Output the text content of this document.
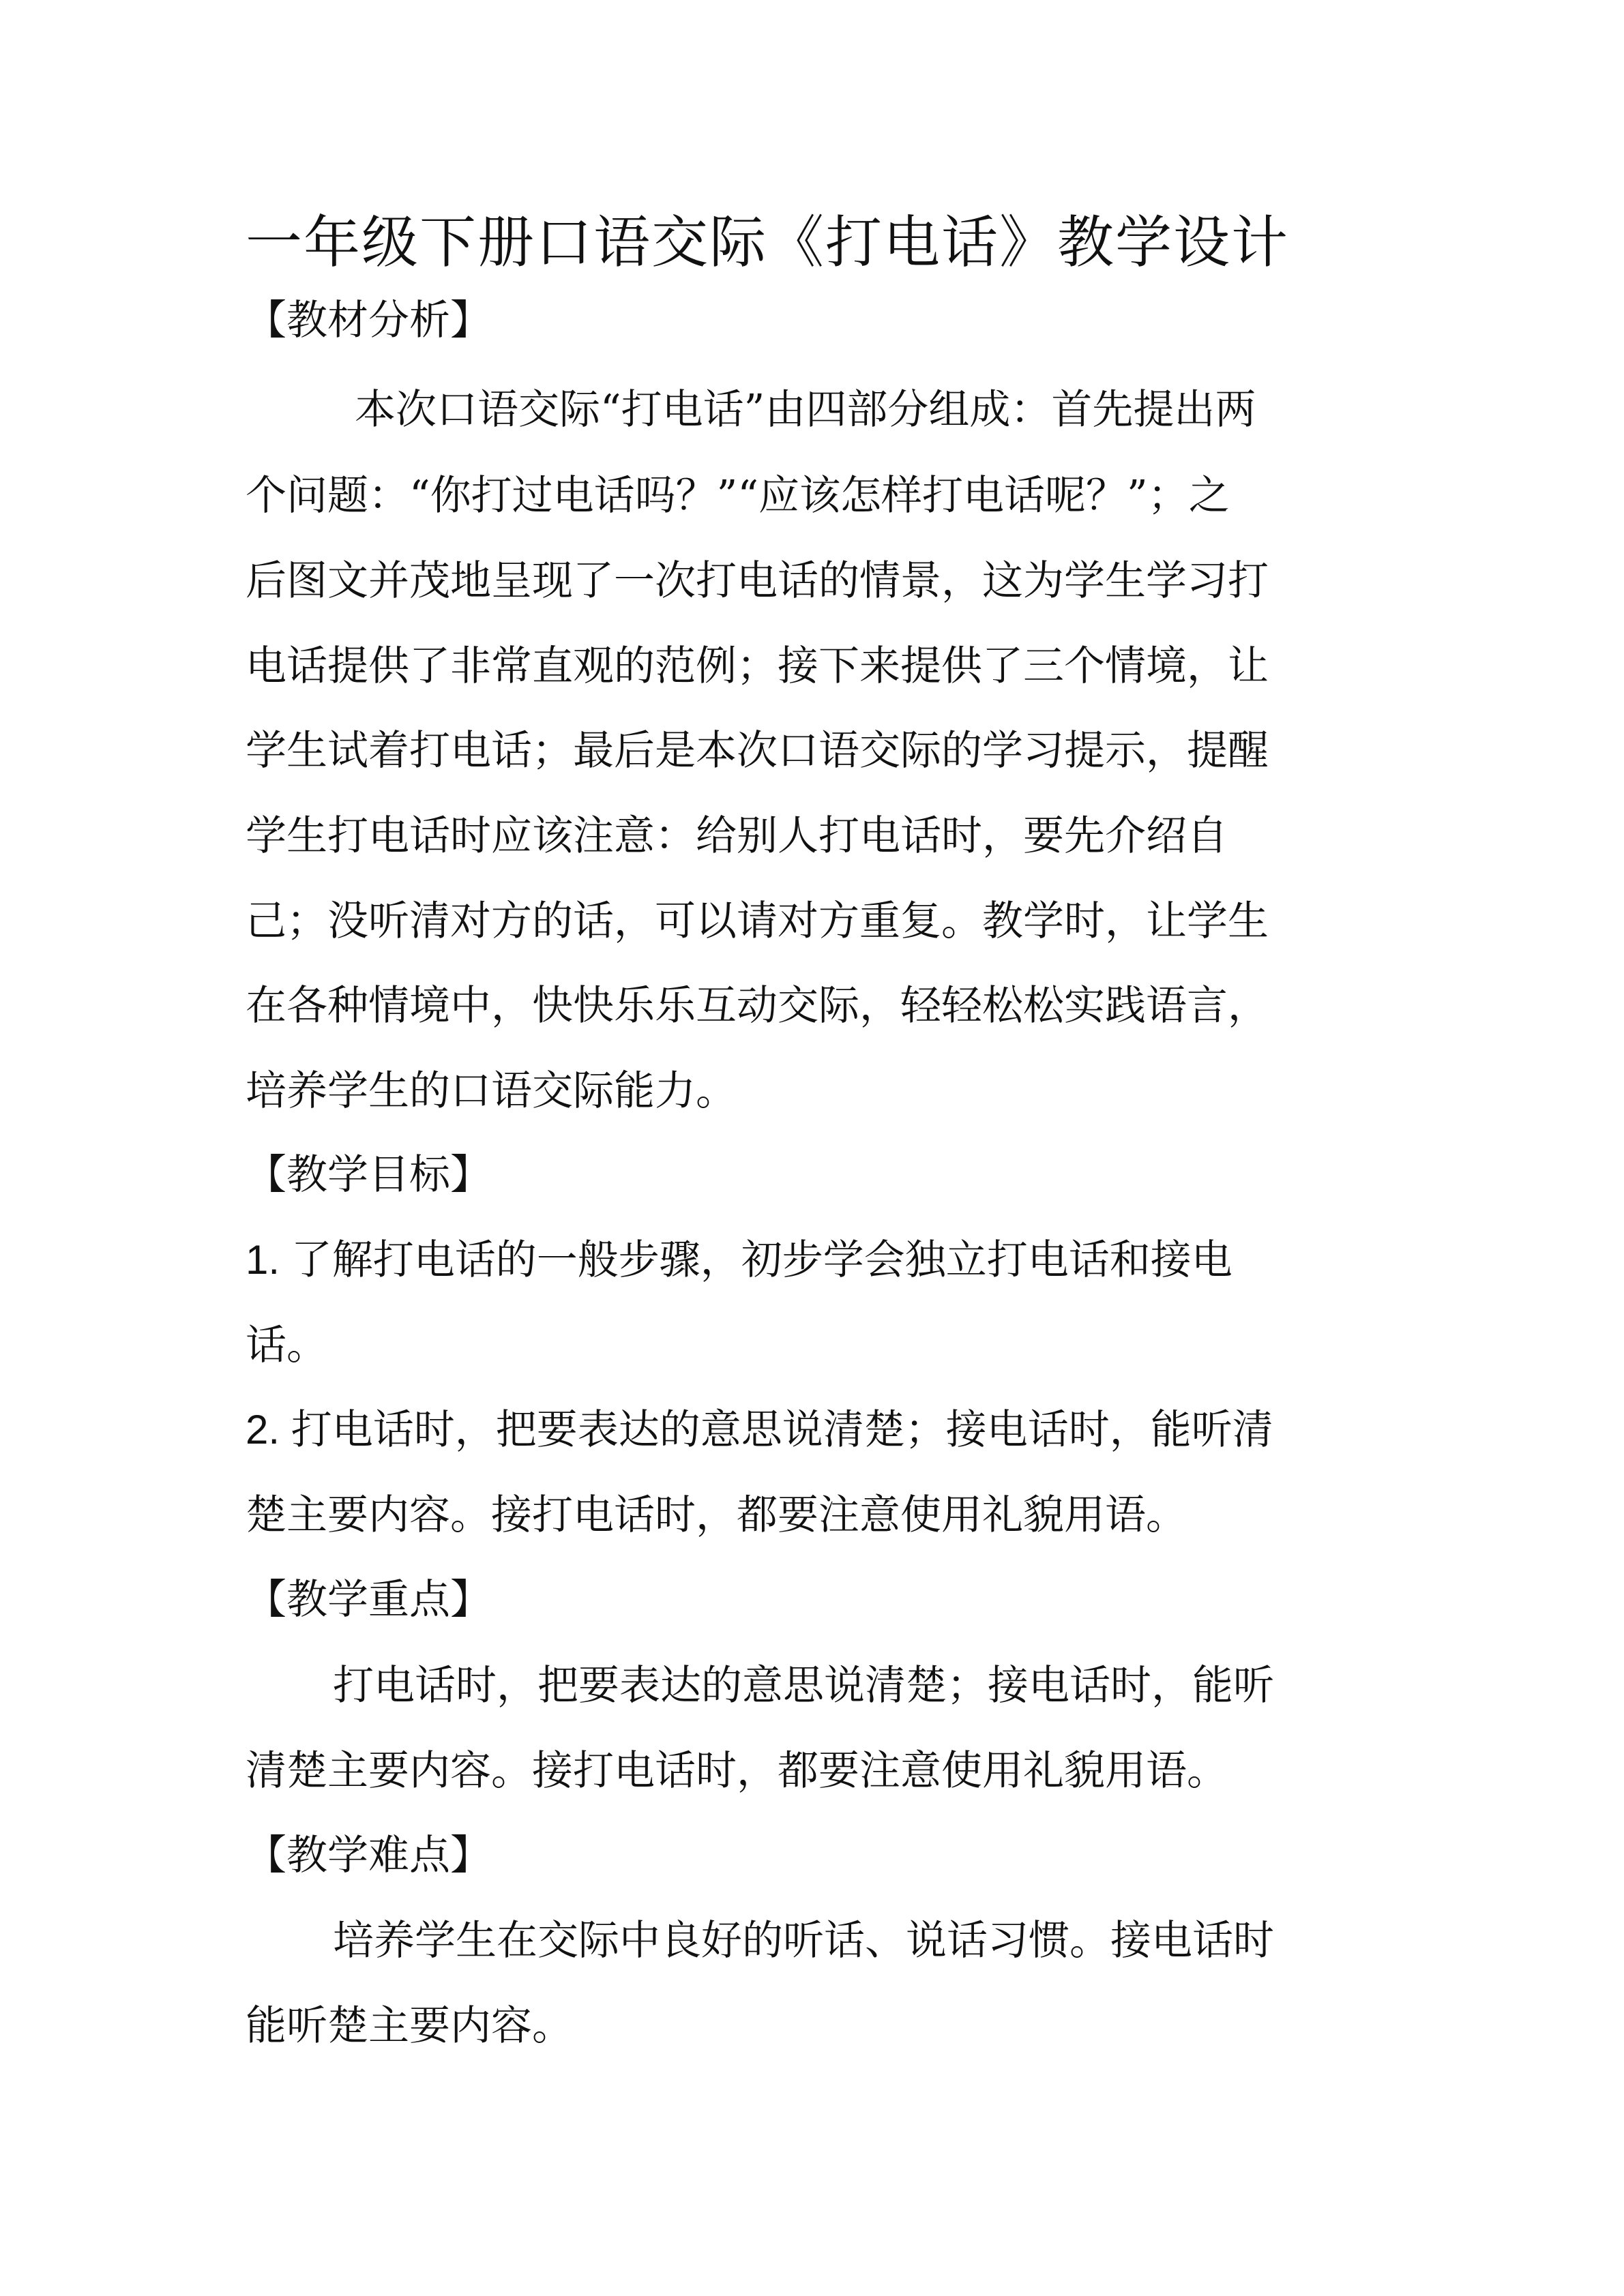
一年级下册口语交际《打电话》教学设计
【教材分析】
本次口语交际“打电话”由四部分组成：首先提出两
个问题：“你打过电话吗？”“应该怎样打电话呢？”；之
后图文并茂地呈现了一次打电话的情景，这为学生学习打
电话提供了非常直观的范例；接下来提供了三个情境，让
学生试着打电话；最后是本次口语交际的学习提示，提醒
学生打电话时应该注意：给别人打电话时，要先介绍自
己；没听清对方的话，可以请对方重复。教学时，让学生
在各种情境中，快快乐乐互动交际，轻轻松松实践语言，
培养学生的口语交际能力。
【教学目标】
1. 了解打电话的一般步骤，初步学会独立打电话和接电
话。
2. 打电话时，把要表达的意思说清楚；接电话时，能听清
楚主要内容。接打电话时，都要注意使用礼貌用语。
【教学重点】
打电话时，把要表达的意思说清楚；接电话时，能听
清楚主要内容。接打电话时，都要注意使用礼貌用语。
【教学难点】
培养学生在交际中良好的听话、说话习惯。接电话时
能听楚主要内容。
